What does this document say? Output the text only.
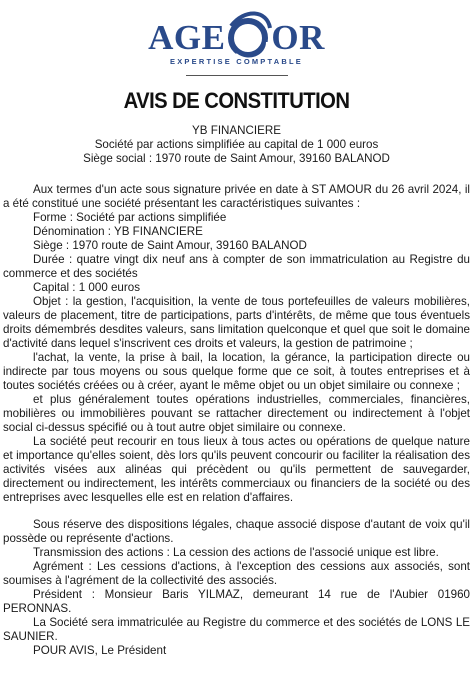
AGE OR
EXPERTISE COMPTABLE
AVIS DE CONSTITUTION
YB FINANCIERE
Société par actions simplifiée au capital de 1 000 euros
Siège social : 1970 route de Saint Amour, 39160 BALANOD

Aux termes d'un acte sous signature privée en date à ST AMOUR du 26 avril 2024, il a été constitué une société présentant les caractéristiques suivantes :

Forme : Société par actions simplifiée

Dénomination : YB FINANCIERE

Siège : 1970 route de Saint Amour, 39160 BALANOD

Durée : quatre vingt dix neuf ans à compter de son immatriculation au Registre du commerce et des sociétés

Capital : 1 000 euros

Objet : la gestion, l'acquisition, la vente de tous portefeuilles de valeurs mobilières, valeurs de placement, titre de participations, parts d'intérêts, de même que tous éventuels droits démembrés desdites valeurs, sans limitation quelconque et quel que soit le domaine d'activité dans lequel s'inscrivent ces droits et valeurs, la gestion de patrimoine ;

l'achat, la vente, la prise à bail, la location, la gérance, la participation directe ou indirecte par tous moyens ou sous quelque forme que ce soit, à toutes entreprises et à toutes sociétés créées ou à créer, ayant le même objet ou un objet similaire ou connexe ;

et plus généralement toutes opérations industrielles, commerciales, financières, mobilières ou immobilières pouvant se rattacher directement ou indirectement à l'objet social ci-dessus spécifié ou à tout autre objet similaire ou connexe.

La société peut recourir en tous lieux à tous actes ou opérations de quelque nature et importance qu'elles soient, dès lors qu'ils peuvent concourir ou faciliter la réalisation des activités visées aux alinéas qui précèdent ou qu'ils permettent de sauvegarder, directement ou indirectement, les intérêts commerciaux ou financiers de la société ou des entreprises avec lesquelles elle est en relation d'affaires.

Sous réserve des dispositions légales, chaque associé dispose d'autant de voix qu'il possède ou représente d'actions.

Transmission des actions : La cession des actions de l'associé unique est libre.

Agrément : Les cessions d'actions, à l'exception des cessions aux associés, sont soumises à l'agrément de la collectivité des associés.

Président : Monsieur Baris YILMAZ, demeurant 14 rue de l'Aubier 01960 PERONNAS.

La Société sera immatriculée au Registre du commerce et des sociétés de LONS LE SAUNIER.

POUR AVIS, Le Président
